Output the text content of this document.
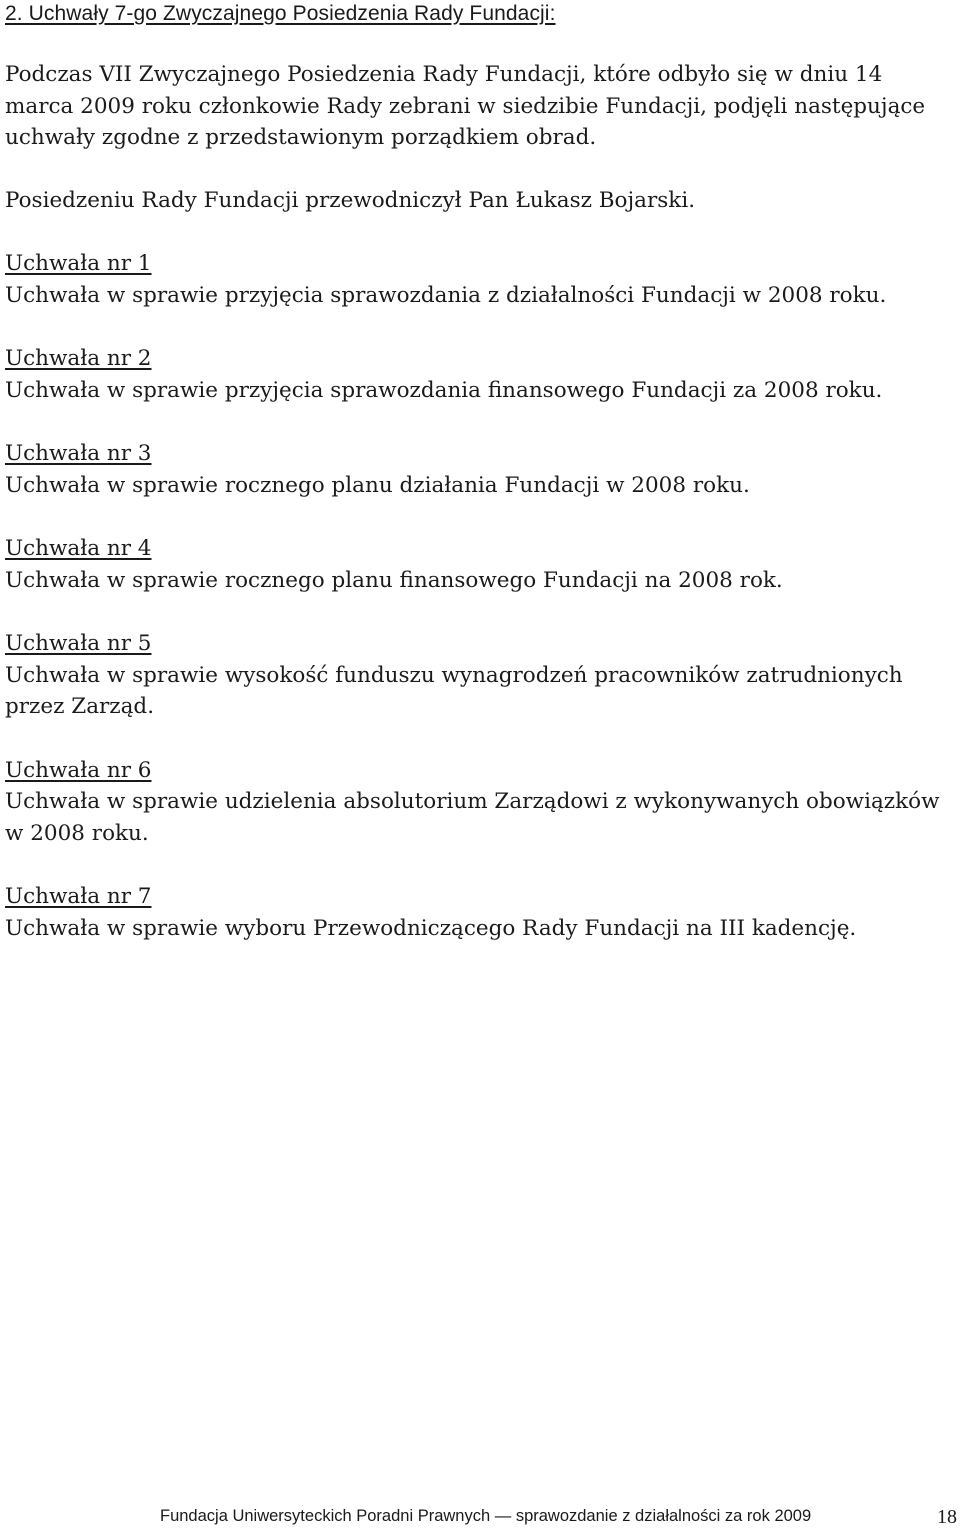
2. Uchwały 7-go Zwyczajnego Posiedzenia Rady Fundacji:

Podczas VII Zwyczajnego Posiedzenia Rady Fundacji, które odbyło się w dniu 14 marca 2009 roku członkowie Rady zebrani w siedzibie Fundacji, podjęli następujące uchwały zgodne z przedstawionym porządkiem obrad.

Posiedzeniu Rady Fundacji przewodniczył Pan Łukasz Bojarski.

Uchwała nr 1
Uchwała w sprawie przyjęcia sprawozdania z działalności Fundacji w 2008 roku.
Uchwała nr 2
Uchwała w sprawie przyjęcia sprawozdania finansowego Fundacji za 2008 roku.
Uchwała nr 3
Uchwała w sprawie rocznego planu działania Fundacji w 2008 roku.
Uchwała nr 4
Uchwała w sprawie rocznego planu finansowego Fundacji na 2008 rok.
Uchwała nr 5
Uchwała w sprawie wysokość funduszu wynagrodzeń pracowników zatrudnionych przez Zarząd.
Uchwała nr 6
Uchwała w sprawie udzielenia absolutorium Zarządowi z wykonywanych obowiązków w 2008 roku.
Uchwała nr 7
Uchwała w sprawie wyboru Przewodniczącego Rady Fundacji na III kadencję.
Fundacja Uniwersyteckich Poradni Prawnych — sprawozdanie z działalności za rok 2009	18
